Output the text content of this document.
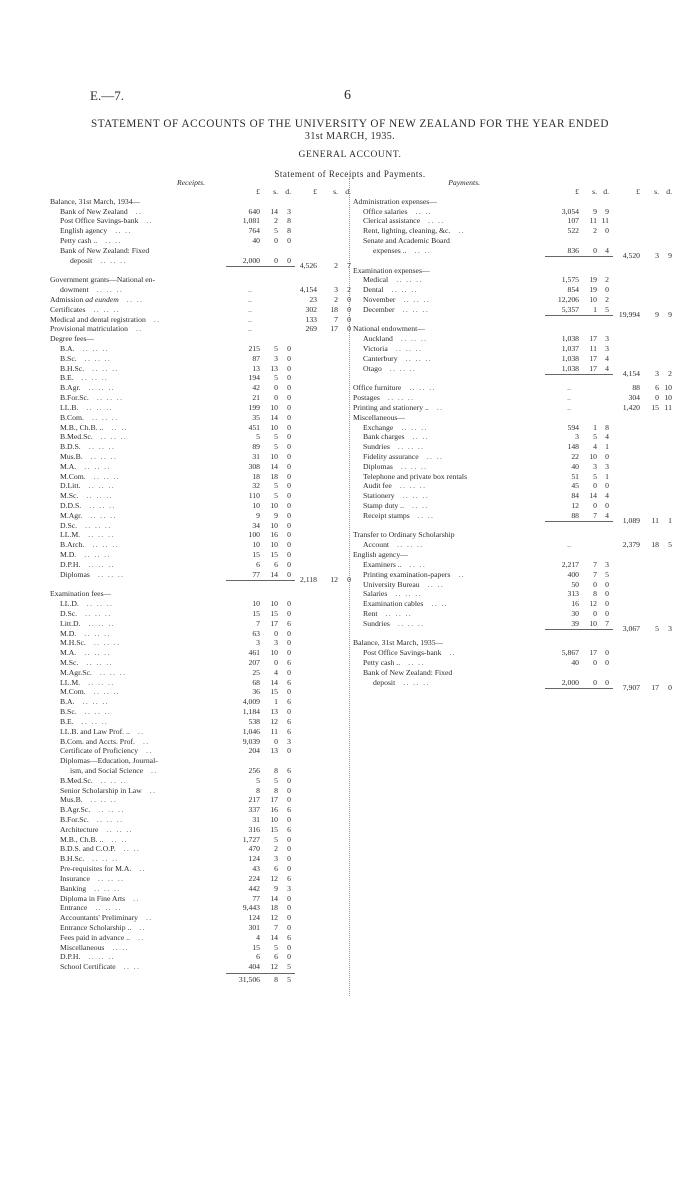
E.—7.	6
STATEMENT OF ACCOUNTS OF THE UNIVERSITY OF NEW ZEALAND FOR THE YEAR ENDED
31st MARCH, 1935.
GENERAL ACCOUNT.
Statement of Receipts and Payments.
Receipts.
£ s. d.	£ s. d.
Balance, 31st March, 1934—
Bank of New Zealand ..	640 14 3
Post Office Savings-bank ..	1,081 2 8
English agency .. ..	764 5 8
Petty cash .. .. ..	40 0 0
Bank of New Zealand: Fixed
deposit .. .. ..	2,000 0 0
4,526 2 7
Government grants—National en-
dowment .. .. ..	..	4,154 3 2
Admission ad eundem .. ..	..	23 2 0
Certificates .. .. ..	..	302 18 0
Medical and dental registration ..	..	133 7 0
Provisional matriculation ..	..	269 17 0
Degree fees—
B.A. .. .. ..	215 5 0
B.Sc. .. .. ..	87 3 0
B.H.Sc. .. .. ..	13 13 0
B.E. .. .. ..	194 5 0
B.Agr. .. .. ..	42 0 0
B.For.Sc. .. .. ..	21 0 0
LL.B. .. .. ..	199 10 0
B.Com. .. .. ..	35 14 0
M.B., Ch.B. .. .. ..	451 10 0
B.Med.Sc. .. .. ..	5 5 0
B.D.S. .. .. ..	89 5 0
Mus.B. .. .. ..	31 10 0
M.A. .. .. ..	308 14 0
M.Com. .. .. ..	18 18 0
D.Litt. .. .. ..	32 5 0
M.Sc. .. .. ..	110 5 0
D.D.S. .. .. ..	10 10 0
M.Agr. .. .. ..	9 9 0
D.Sc. .. .. ..	34 10 0
LL.M. .. .. ..	100 16 0
B.Arch. .. .. ..	10 10 0
M.D. .. .. ..	15 15 0
D.P.H. .. .. ..	6 6 0
Diplomas .. .. ..	77 14 0
2,118 12 0
Examination fees—
LL.D. .. .. ..	10 10 0
D.Sc. .. .. ..	15 15 0
Litt.D. .. .. ..	7 17 6
M.D. .. .. ..	63 0 0
M.H.Sc. .. .. ..	3 3 0
M.A. .. .. ..	461 10 0
M.Sc. .. .. ..	207 0 6
M.Agr.Sc. .. .. ..	25 4 0
LL.M. .. .. ..	68 14 6
M.Com. .. .. ..	36 15 0
B.A. .. .. ..	4,009 1 6
B.Sc. .. .. ..	1,184 13 0
B.E. .. .. ..	538 12 6
LL.B. and Law Prof. .. ..	1,046 11 6
B.Com. and Accts. Prof. ..	9,039 0 3
Certificate of Proficiency ..	204 13 0
Diplomas—Education, Journal-
ism, and Social Science ..	256 8 6
B.Med.Sc. .. .. ..	5 5 0
Senior Scholarship in Law ..	8 8 0
Mus.B. .. .. ..	217 17 0
B.Agr.Sc. .. .. ..	337 16 6
B.For.Sc. .. .. ..	31 10 0
Architecture .. .. ..	316 15 6
M.B., Ch.B. .. .. ..	1,727 5 0
B.D.S. and C.O.P. .. ..	470 2 0
B.H.Sc. .. .. ..	124 3 0
Pre-requisites for M.A. ..	43 6 0
Insurance .. .. ..	224 12 6
Banking .. .. ..	442 9 3
Diploma in Fine Arts ..	77 14 0
Entrance .. .. ..	9,443 18 0
Accountants' Preliminary ..	124 12 0
Entrance Scholarship .. ..	301 7 0
Fees paid in advance .. ..	4 14 6
Miscellaneous .. ..	15 5 0
D.P.H. .. .. ..	6 6 0
School Certificate .. ..	404 12 5
31,506 8 5
Payments.
£ s. d.	£ s. d.
Administration expenses—
Office salaries .. ..	3,054 9 9
Clerical assistance .. ..	107 11 11
Rent, lighting, cleaning, &c. ..	522 2 0
Senate and Academic Board
expenses .. .. ..	836 0 4
4,520 3 9
Examination expenses—
Medical .. .. ..	1,575 19 2
Dental .. .. ..	854 19 0
November .. .. ..	12,206 10 2
December .. .. ..	5,357 1 5
19,994 9 9
National endowment—
Auckland .. .. ..	1,038 17 3
Victoria .. .. ..	1,037 11 3
Canterbury .. .. ..	1,038 17 4
Otago .. .. ..	1,038 17 4
4,154 3 2
Office furniture .. .. ..	..	88 6 10
Postages .. .. ..	..	304 0 10
Printing and stationery .. ..	..	1,420 15 11
Miscellaneous—
Exchange .. .. ..	594 1 8
Bank charges .. ..	3 5 4
Sundries .. .. ..	148 4 1
Fidelity assurance .. ..	22 10 0
Diplomas .. .. ..	40 3 3
Telephone and private box rentals	51 5 1
Audit fee .. .. ..	45 0 0
Stationery .. .. ..	84 14 4
Stamp duty .. .. ..	12 0 0
Receipt stamps .. ..	88 7 4
1,089 11 1
Transfer to Ordinary Scholarship
Account .. .. ..	..	2,379 18 5
English agency—
Examiners .. .. ..	2,217 7 3
Printing examination-papers ..	400 7 5
University Bureau .. ..	50 0 0
Salaries .. .. ..	313 8 0
Examination cables .. ..	16 12 0
Rent .. .. ..	30 0 0
Sundries .. .. ..	39 10 7
3,067 5 3
Balance, 31st March, 1935—
Post Office Savings-bank ..	5,867 17 0
Petty cash .. .. ..	40 0 0
Bank of New Zealand: Fixed
deposit .. .. ..	2,000 0 0
7,907 17 0
